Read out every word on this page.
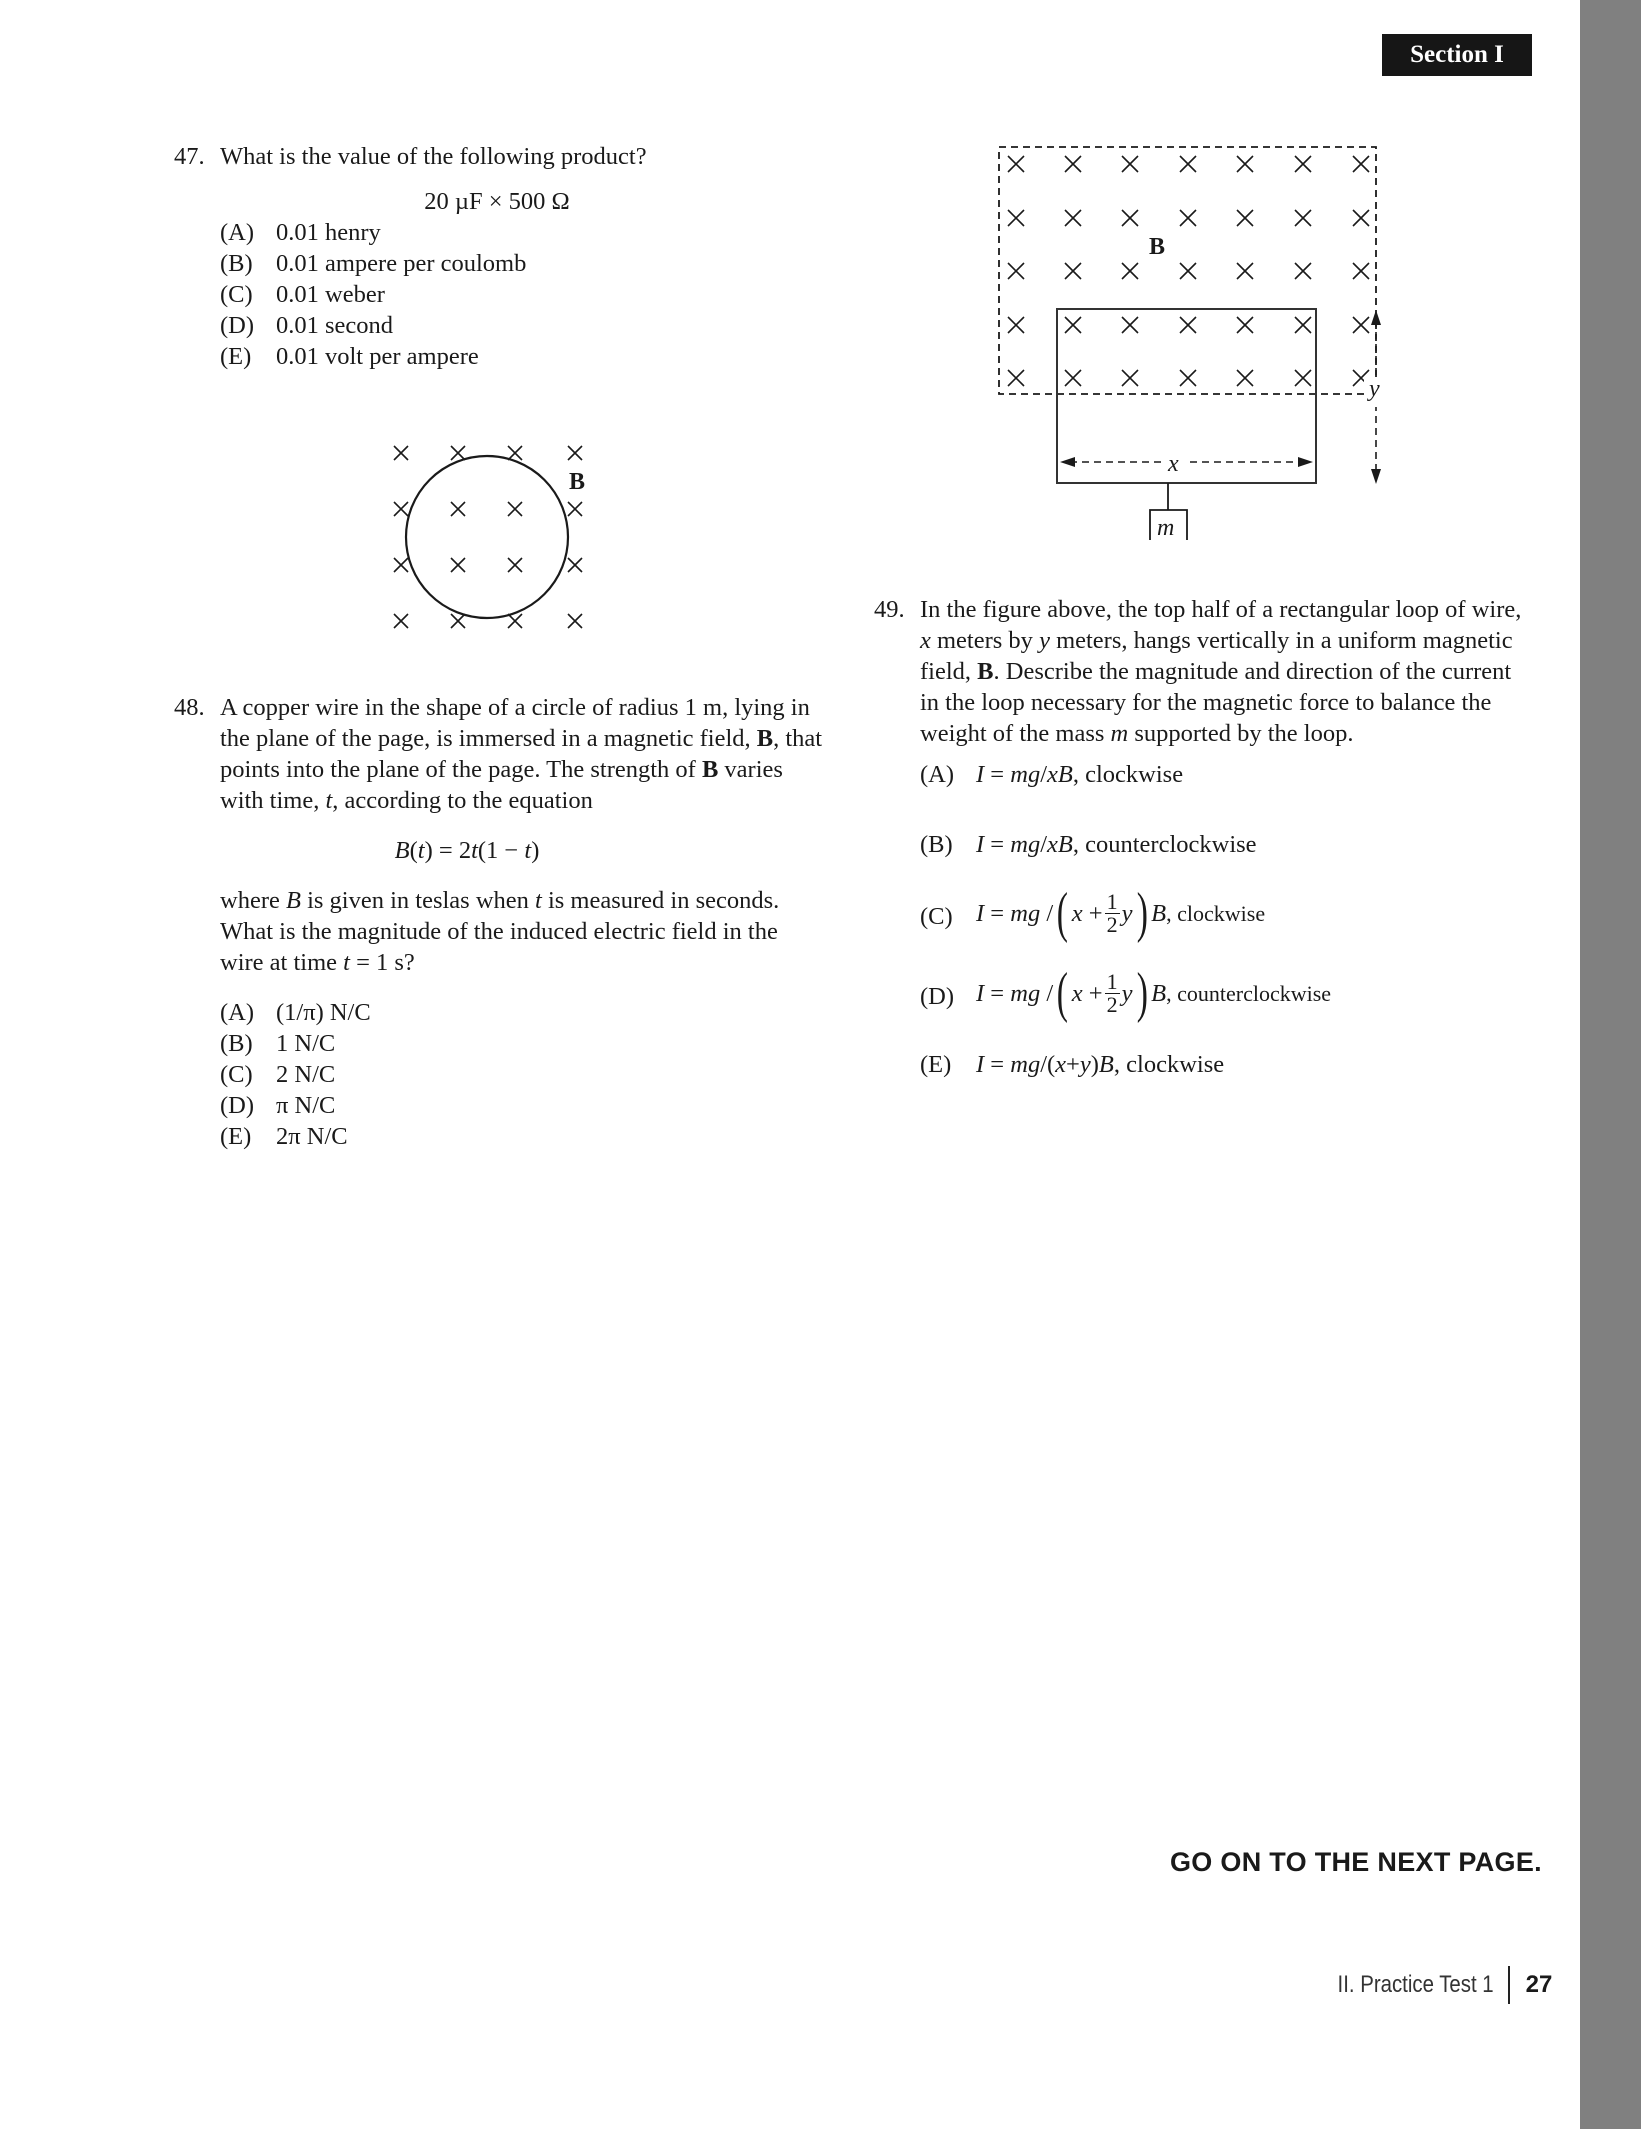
Section I
47. What is the value of the following product?
20 µF × 500 Ω
(A) 0.01 henry
(B) 0.01 ampere per coulomb
(C) 0.01 weber
(D) 0.01 second
(E)	0.01 volt per ampere
B
48. A copper wire in the shape of a circle of radius 1 m, lying in the plane of the page, is immersed in a magnetic field, B, that points into the plane of the page. The strength of B varies with time, t, according to the equation
B(t) = 2t(1 − t)
where B is given in teslas when t is measured in seconds. What is the magnitude of the induced electric field in the wire at time t = 1 s?
(A) (1/π) N/C
(B) 1 N/C
(C) 2 N/C
(D) π N/C
(E)	2π N/C
B
x
y
m
49. In the figure above, the top half of a rectangular loop of wire, x meters by y meters, hangs vertically in a uniform magnetic field, B. Describe the magnitude and direction of the current in the loop necessary for the magnetic force to balance the weight of the mass m supported by the loop.
(A) I = mg/xB, clockwise
(B) I = mg/xB, counterclockwise
(C) I = mg / ( $x + \frac{1}{2}$ y ) B , clockwise
(D) I = mg / ( $x + \frac{1}{2}$ y ) B , counterclockwise
(E)	I = mg/(x+y)B, clockwise
GO ON TO THE NEXT PAGE.
II. Practice Test 1 27
